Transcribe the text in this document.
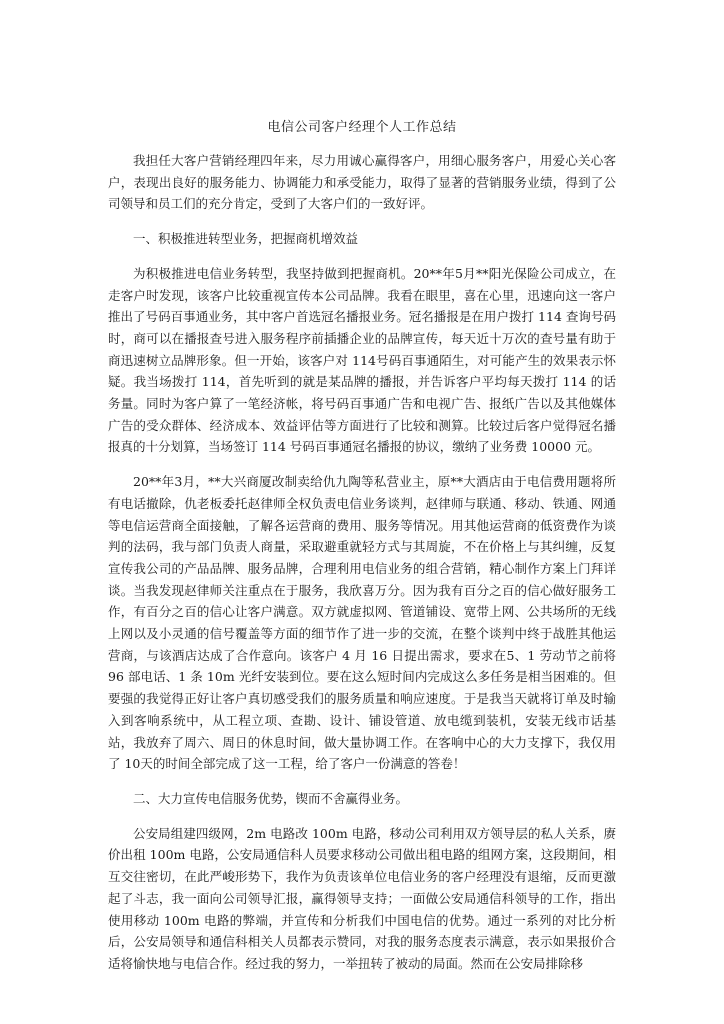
电信公司客户经理个人工作总结

我担任大客户营销经理四年来，尽力用诚心赢得客户，用细心服务客户，用爱心关心客户，表现出良好的服务能力、协调能力和承受能力，取得了显著的营销服务业绩，得到了公司领导和员工们的充分肯定，受到了大客户们的一致好评。

一、积极推进转型业务，把握商机增效益

为积极推进电信业务转型，我坚持做到把握商机。20**年5月**阳光保险公司成立，在走客户时发现，该客户比较重视宣传本公司品牌。我看在眼里，喜在心里，迅速向这一客户推出了号码百事通业务，其中客户首选冠名播报业务。冠名播报是在用户拨打 114 查询号码时，商可以在播报查号进入服务程序前插播企业的品牌宣传，每天近十万次的查号量有助于商迅速树立品牌形象。但一开始，该客户对 114号码百事通陌生，对可能产生的效果表示怀疑。我当场拨打 114，首先听到的就是某品牌的播报，并告诉客户平均每天拨打 114 的话务量。同时为客户算了一笔经济帐，将号码百事通广告和电视广告、报纸广告以及其他媒体广告的受众群体、经济成本、效益评估等方面进行了比较和测算。比较过后客户觉得冠名播报真的十分划算，当场签订 114 号码百事通冠名播报的协议，缴纳了业务费 10000 元。

20**年3月，**大兴商厦改制卖给仇九陶等私营业主，原**大酒店由于电信费用题将所有电话撤除，仇老板委托赵律师全权负责电信业务谈判，赵律师与联通、移动、铁通、网通等电信运营商全面接触，了解各运营商的费用、服务等情况。用其他运营商的低资费作为谈判的法码，我与部门负责人商量，采取避重就轻方式与其周旋，不在价格上与其纠缠，反复宣传我公司的产品品牌、服务品牌，合理利用电信业务的组合营销，精心制作方案上门拜详谈。当我发现赵律师关注重点在于服务，我欣喜万分。因为我有百分之百的信心做好服务工作，有百分之百的信心让客户满意。双方就虚拟网、管道铺设、宽带上网、公共场所的无线上网以及小灵通的信号覆盖等方面的细节作了进一步的交流，在整个谈判中终于战胜其他运营商，与该酒店达成了合作意向。该客户 4 月 16 日提出需求，要求在5、1 劳动节之前将 96 部电话、1 条 10m 光纤安装到位。要在这么短时间内完成这么多任务是相当困难的。但要强的我觉得正好让客户真切感受我们的服务质量和响应速度。于是我当天就将订单及时输入到客响系统中，从工程立项、查勘、设计、铺设管道、放电缆到装机，安装无线市话基站，我放弃了周六、周日的休息时间，做大量协调工作。在客响中心的大力支撑下，我仅用了 10天的时间全部完成了这一工程，给了客户一份满意的答卷！

二、大力宣传电信服务优势，锲而不舍赢得业务。

公安局组建四级网，2m 电路改 100m 电路，移动公司利用双方领导层的私人关系，赓价出租 100m 电路，公安局通信科人员要求移动公司做出租电路的组网方案，这段期间，相互交往密切，在此严峻形势下，我作为负责该单位电信业务的客户经理没有退缩，反而更激起了斗志，我一面向公司领导汇报，赢得领导支持；一面做公安局通信科领导的工作，指出使用移动 100m 电路的弊端，并宣传和分析我们中国电信的优势。通过一系列的对比分析后，公安局领导和通信科相关人员都表示赞同，对我的服务态度表示满意，表示如果报价合适将愉快地与电信合作。经过我的努力，一举扭转了被动的局面。然而在公安局排除移
